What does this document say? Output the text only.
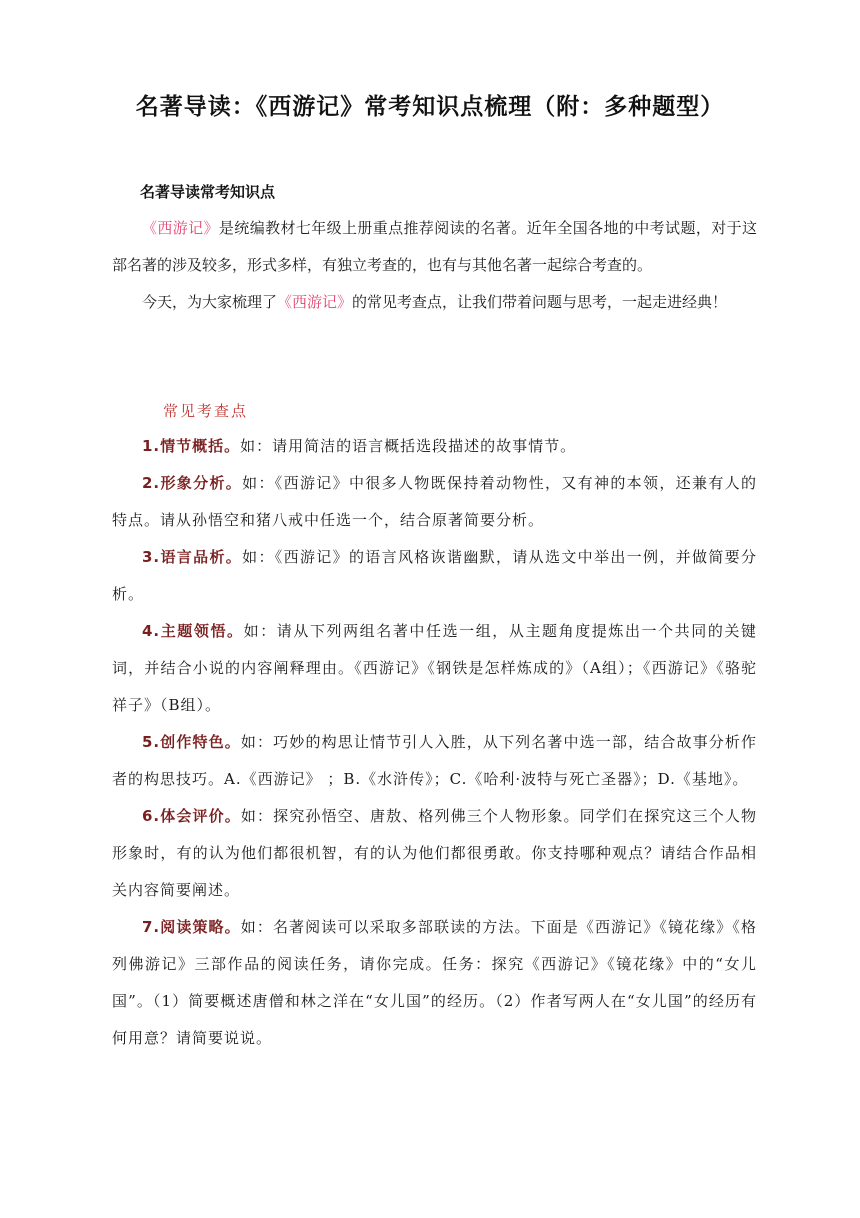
名著导读：《西游记》常考知识点梳理（附：多种题型）
名著导读常考知识点

《西游记》是统编教材七年级上册重点推荐阅读的名著。近年全国各地的中考试题，对于这部名著的涉及较多，形式多样，有独立考查的，也有与其他名著一起综合考查的。

今天，为大家梳理了《西游记》的常见考查点，让我们带着问题与思考，一起走进经典！

常见考查点

1.情节概括。如：请用简洁的语言概括选段描述的故事情节。

2.形象分析。如：《西游记》中很多人物既保持着动物性，又有神的本领，还兼有人的特点。请从孙悟空和猪八戒中任选一个，结合原著简要分析。

3.语言品析。如：《西游记》的语言风格诙谐幽默，请从选文中举出一例，并做简要分析。

4.主题领悟。如：请从下列两组名著中任选一组，从主题角度提炼出一个共同的关键词，并结合小说的内容阐释理由。《西游记》《钢铁是怎样炼成的》（A组）；《西游记》《骆驼祥子》（B组）。

5.创作特色。如：巧妙的构思让情节引人入胜，从下列名著中选一部，结合故事分析作者的构思技巧。A.《西游记》 ；B.《水浒传》；C.《哈利·波特与死亡圣器》；D.《基地》。

6.体会评价。如：探究孙悟空、唐敖、格列佛三个人物形象。同学们在探究这三个人物形象时，有的认为他们都很机智，有的认为他们都很勇敢。你支持哪种观点？请结合作品相关内容简要阐述。

7.阅读策略。如：名著阅读可以采取多部联读的方法。下面是《西游记》《镜花缘》《格列佛游记》三部作品的阅读任务，请你完成。任务：探究《西游记》《镜花缘》中的“女儿国”。（1）简要概述唐僧和林之洋在“女儿国”的经历。（2）作者写两人在“女儿国”的经历有何用意？请简要说说。
